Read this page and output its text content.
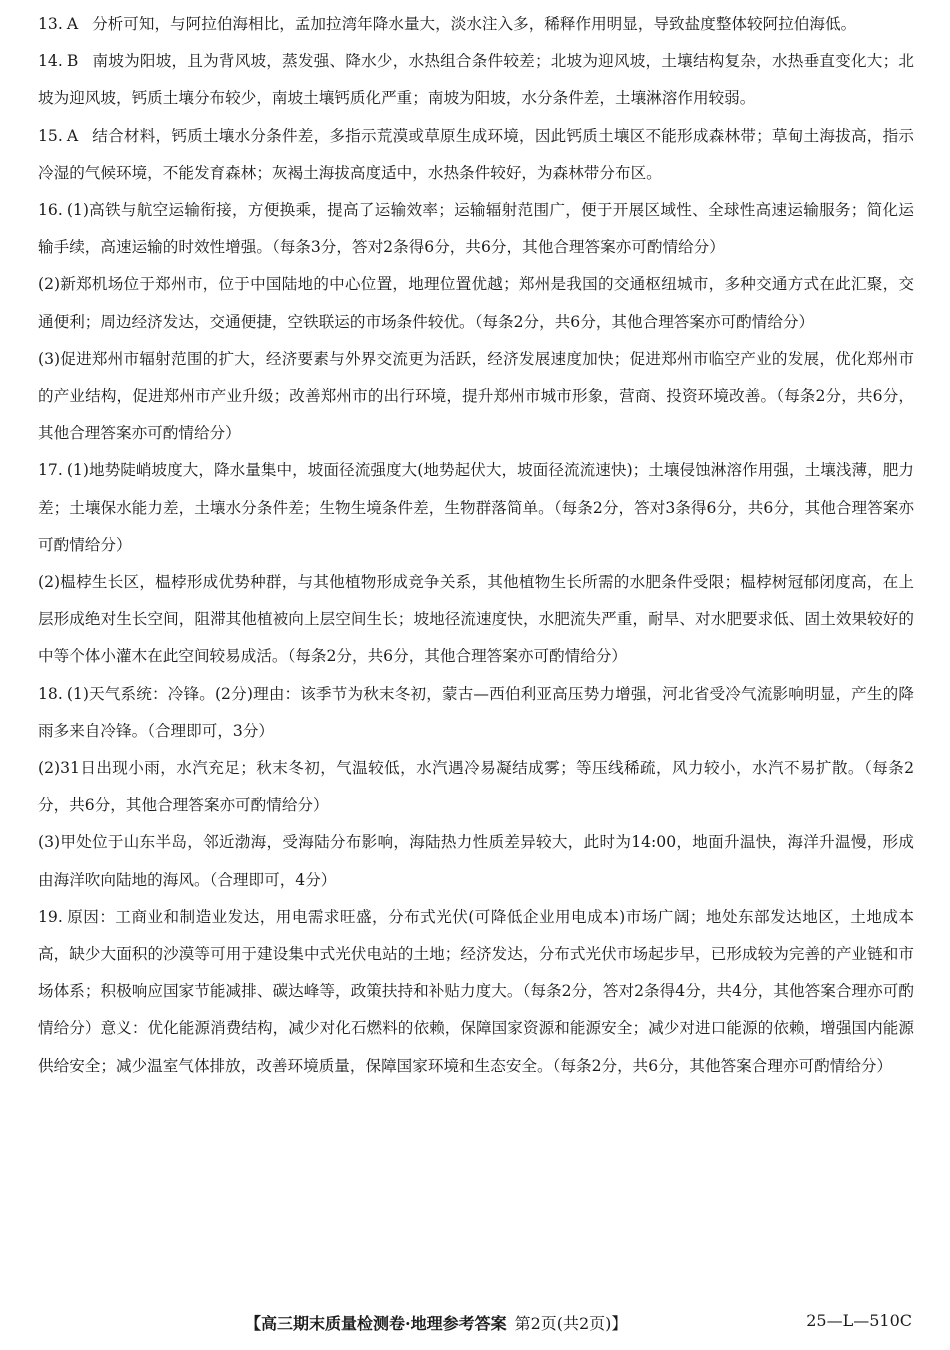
13. A 分析可知，与阿拉伯海相比，孟加拉湾年降水量大，淡水注入多，稀释作用明显，导致盐度整体较阿拉伯海低。

14. B 南坡为阳坡，且为背风坡，蒸发强、降水少，水热组合条件较差；北坡为迎风坡，土壤结构复杂，水热垂直变化大；北坡为迎风坡，钙质土壤分布较少，南坡土壤钙质化严重；南坡为阳坡，水分条件差，土壤淋溶作用较弱。

15. A 结合材料，钙质土壤水分条件差，多指示荒漠或草原生成环境，因此钙质土壤区不能形成森林带；草甸土海拔高，指示冷湿的气候环境，不能发育森林；灰褐土海拔高度适中，水热条件较好，为森林带分布区。

16. (1)高铁与航空运输衔接，方便换乘，提高了运输效率；运输辐射范围广，便于开展区域性、全球性高速运输服务；简化运输手续，高速运输的时效性增强。（每条3分，答对2条得6分，共6分，其他合理答案亦可酌情给分）

(2)新郑机场位于郑州市，位于中国陆地的中心位置，地理位置优越；郑州是我国的交通枢纽城市，多种交通方式在此汇聚，交通便利；周边经济发达，交通便捷，空铁联运的市场条件较优。（每条2分，共6分，其他合理答案亦可酌情给分）

(3)促进郑州市辐射范围的扩大，经济要素与外界交流更为活跃，经济发展速度加快；促进郑州市临空产业的发展，优化郑州市的产业结构，促进郑州市产业升级；改善郑州市的出行环境，提升郑州市城市形象，营商、投资环境改善。（每条2分，共6分，其他合理答案亦可酌情给分）

17. (1)地势陡峭坡度大，降水量集中，坡面径流强度大(地势起伏大，坡面径流流速快)；土壤侵蚀淋溶作用强，土壤浅薄，肥力差；土壤保水能力差，土壤水分条件差；生物生境条件差，生物群落简单。（每条2分，答对3条得6分，共6分，其他合理答案亦可酌情给分）

(2)榅桲生长区，榅桲形成优势种群，与其他植物形成竞争关系，其他植物生长所需的水肥条件受限；榅桲树冠郁闭度高，在上层形成绝对生长空间，阻滞其他植被向上层空间生长；坡地径流速度快，水肥流失严重，耐旱、对水肥要求低、固土效果较好的中等个体小灌木在此空间较易成活。（每条2分，共6分，其他合理答案亦可酌情给分）

18. (1)天气系统：冷锋。(2分)理由：该季节为秋末冬初，蒙古—西伯利亚高压势力增强，河北省受冷气流影响明显，产生的降雨多来自冷锋。（合理即可，3分）

(2)31日出现小雨，水汽充足；秋末冬初，气温较低，水汽遇冷易凝结成雾；等压线稀疏，风力较小，水汽不易扩散。（每条2分，共6分，其他合理答案亦可酌情给分）

(3)甲处位于山东半岛，邻近渤海，受海陆分布影响，海陆热力性质差异较大，此时为14:00，地面升温快，海洋升温慢，形成由海洋吹向陆地的海风。（合理即可，4分）

19. 原因：工商业和制造业发达，用电需求旺盛，分布式光伏(可降低企业用电成本)市场广阔；地处东部发达地区，土地成本高，缺少大面积的沙漠等可用于建设集中式光伏电站的土地；经济发达，分布式光伏市场起步早，已形成较为完善的产业链和市场体系；积极响应国家节能减排、碳达峰等，政策扶持和补贴力度大。（每条2分，答对2条得4分，共4分，其他答案合理亦可酌情给分）意义：优化能源消费结构，减少对化石燃料的依赖，保障国家资源和能源安全；减少对进口能源的依赖，增强国内能源供给安全；减少温室气体排放，改善环境质量，保障国家环境和生态安全。（每条2分，共6分，其他答案合理亦可酌情给分）

【高三期末质量检测卷·地理参考答案 第2页(共2页)】	25—L—510C
